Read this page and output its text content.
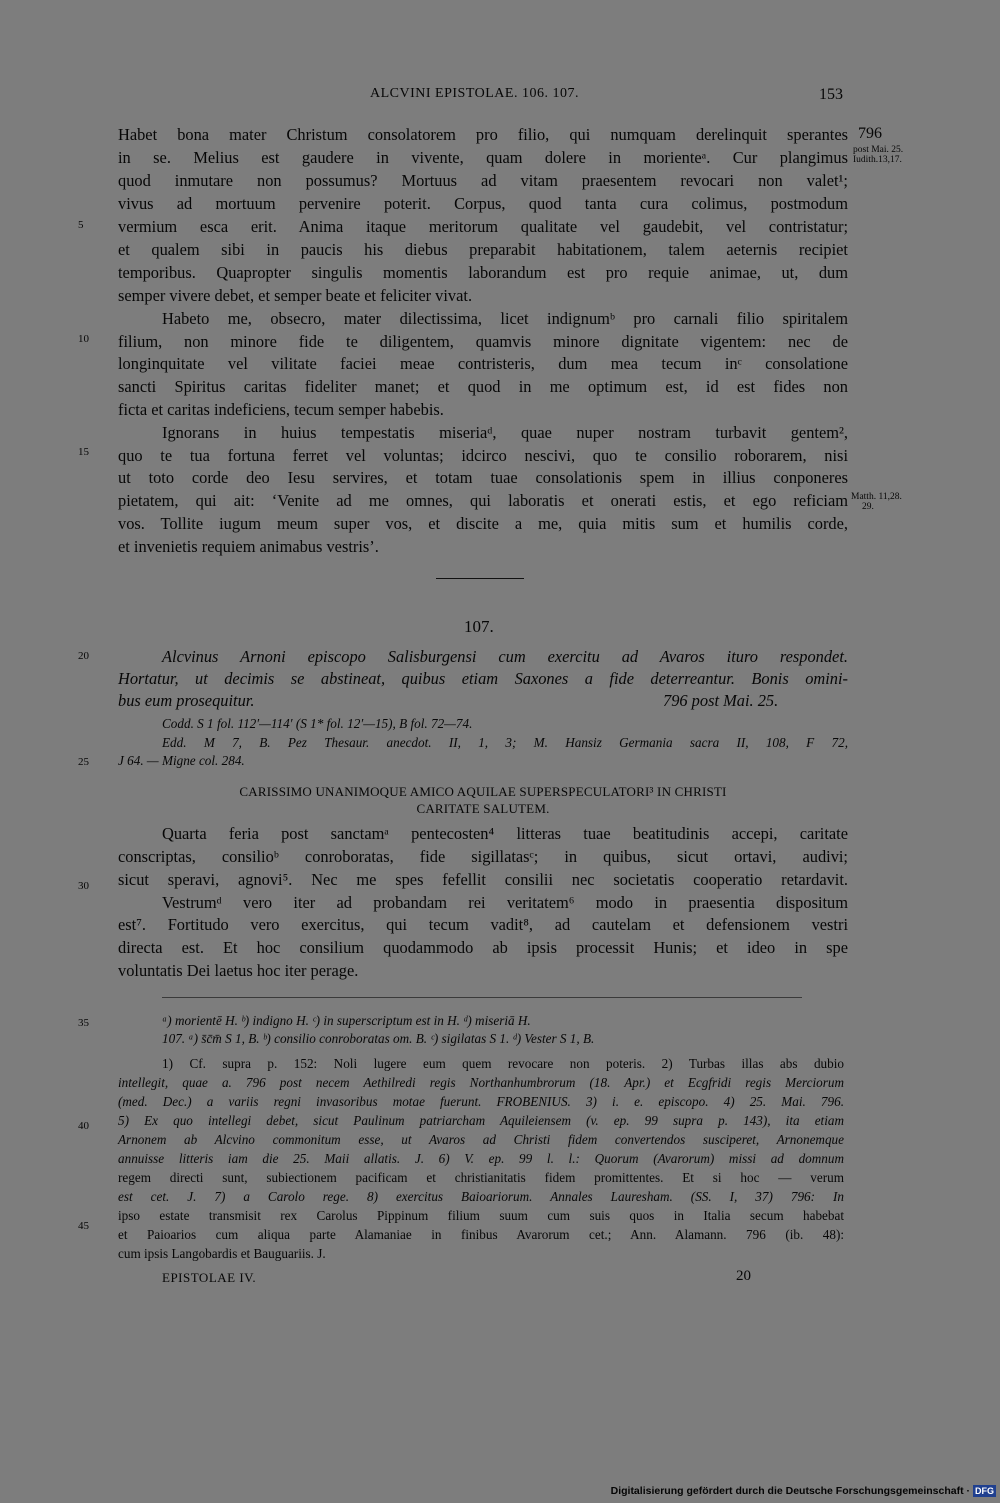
ALCVINI EPISTOLAE. 106. 107.	153
796
post Mai. 25.
Iudith.13,17.
Matth. 11,28.
29.
5
10
15
20
25
30
35
40
45
Habet bona mater Christum consolatorem pro filio, qui numquam derelinquit sperantes
in se. Melius est gaudere in vivente, quam dolere in morienteᵃ. Cur plangimus
quod inmutare non possumus? Mortuus ad vitam praesentem revocari non valet¹;
vivus ad mortuum pervenire poterit. Corpus, quod tanta cura colimus, postmodum
vermium esca erit. Anima itaque meritorum qualitate vel gaudebit, vel contristatur;
et qualem sibi in paucis his diebus preparabit habitationem, talem aeternis recipiet
temporibus. Quapropter singulis momentis laborandum est pro requie animae, ut, dum
semper vivere debet, et semper beate et feliciter vivat.
Habeto me, obsecro, mater dilectissima, licet indignumᵇ pro carnali filio spiritalem
filium, non minore fide te diligentem, quamvis minore dignitate vigentem: nec de
longinquitate vel vilitate faciei meae contristeris, dum mea tecum inᶜ consolatione
sancti Spiritus caritas fideliter manet; et quod in me optimum est, id est fides non
ficta et caritas indeficiens, tecum semper habebis.
Ignorans in huius tempestatis miseriaᵈ, quae nuper nostram turbavit gentem²,
quo te tua fortuna ferret vel voluntas; idcirco nescivi, quo te consilio roborarem, nisi
ut toto corde deo Iesu servires, et totam tuae consolationis spem in illius conponeres
pietatem, qui ait: ‘Venite ad me omnes, qui laboratis et onerati estis, et ego reficiam
vos. Tollite iugum meum super vos, et discite a me, quia mitis sum et humilis corde,
et invenietis requiem animabus vestris’.
107.
Alcvinus Arnoni episcopo Salisburgensi cum exercitu ad Avaros ituro respondet.
Hortatur, ut decimis se abstineat, quibus etiam Saxones a fide deterreantur. Bonis omini-
bus eum prosequitur.	796 post Mai. 25.
Codd. S 1 fol. 112′—114′ (S 1* fol. 12′—15), B fol. 72—74.
Edd. M 7, B. Pez Thesaur. anecdot. II, 1, 3; M. Hansiz Germania sacra II, 108, F 72,
J 64. — Migne col. 284.
CARISSIMO UNANIMOQUE AMICO AQUILAE SUPERSPECULATORI³ IN CHRISTI
CARITATE SALUTEM.
Quarta feria post sanctamᵃ pentecosten⁴ litteras tuae beatitudinis accepi, caritate
conscriptas, consilioᵇ conroboratas, fide sigillatasᶜ; in quibus, sicut ortavi, audivi;
sicut speravi, agnovi⁵. Nec me spes fefellit consilii nec societatis cooperatio retardavit.
Vestrumᵈ vero iter ad probandam rei veritatem⁶ modo in praesentia dispositum
est⁷. Fortitudo vero exercitus, qui tecum vadit⁸, ad cautelam et defensionem vestri
directa est. Et hoc consilium quodammodo ab ipsis processit Hunis; et ideo in spe
voluntatis Dei laetus hoc iter perage.
ᵃ) morientē H. ᵇ) indigno H. ᶜ) in superscriptum est in H. ᵈ) miseriā H.
107. ᵃ) s̄c̄m̄ S 1, B. ᵇ) consilio conroboratas om. B. ᶜ) sigilatas S 1. ᵈ) Vester S 1, B.
1) Cf. supra p. 152: Noli lugere eum quem revocare non poteris. 2) Turbas illas abs dubio
intellegit, quae a. 796 post necem Aethilredi regis Northanhumbrorum (18. Apr.) et Ecgfridi regis Merciorum
(med. Dec.) a variis regni invasoribus motae fuerunt. FROBENIUS. 3) i. e. episcopo. 4) 25. Mai. 796.
5) Ex quo intellegi debet, sicut Paulinum patriarcham Aquileiensem (v. ep. 99 supra p. 143), ita etiam
Arnonem ab Alcvino commonitum esse, ut Avaros ad Christi fidem convertendos susciperet, Arnonemque
annuisse litteris iam die 25. Maii allatis. J. 6) V. ep. 99 l. l.: Quorum (Avarorum) missi ad domnum
regem directi sunt, subiectionem pacificam et christianitatis fidem promittentes. Et si hoc — verum
est cet. J. 7) a Carolo rege. 8) exercitus Baioariorum. Annales Lauresham. (SS. I, 37) 796: In
ipso estate transmisit rex Carolus Pippinum filium suum cum suis quos in Italia secum habebat
et Paioarios cum aliqua parte Alamaniae in finibus Avarorum cet.; Ann. Alamann. 796 (ib. 48):
cum ipsis Langobardis et Bauguariis. J.
EPISTOLAE IV.	20
Digitalisierung gefördert durch die Deutsche Forschungsgemeinschaft · DFG
